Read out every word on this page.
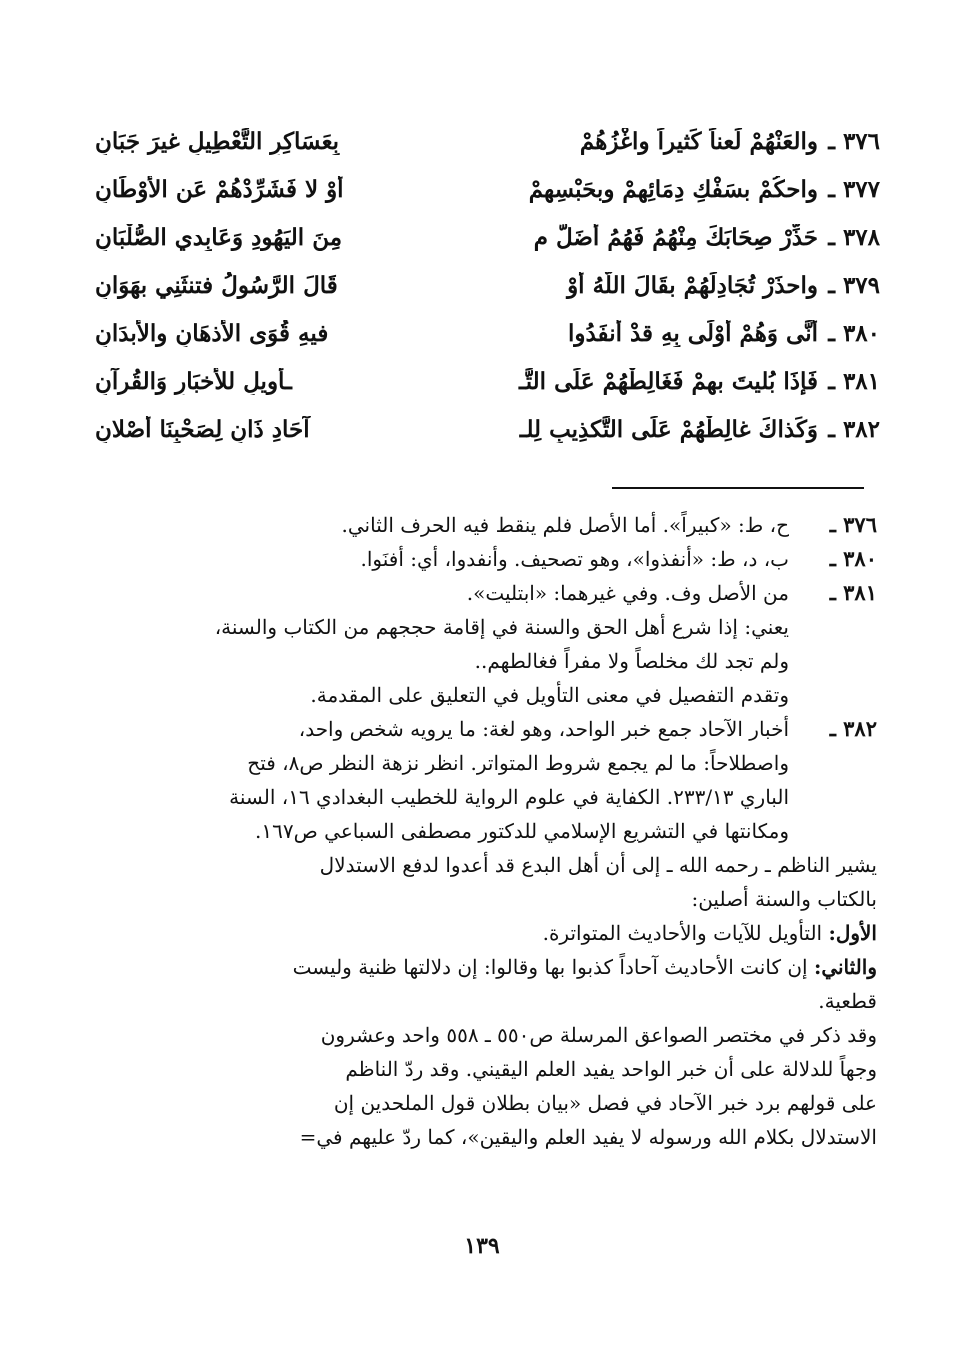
٣٧٦ ـ
والعَنْهُمْ لَعناً كَثيراً واغْزُهُمْ
بِعَسَاكِرِ التَّعْطِيلِ غيرَ جَبَانِ
٣٧٧ ـ
واحكُمْ بسَفْكِ دِمَائِهِمْ وبحَبْسِهِمْ
أوْ لا فَشَرِّدْهُمْ عَنِ الأوْطَانِ
٣٧٨ ـ
حَذِّرْ صِحَابَكَ مِنْهُمُ فَهُمُ أَضَلُّ م
مِنَ اليَهُودِ وَعَابِدي الصُّلْبَانِ
٣٧٩ ـ
واحذَرْ تُجَادِلَهُمْ بقَالَ اللَّهُ أوْ
قَالَ الرَّسُولُ فتنثَنِي بهَوَانِ
٣٨٠ ـ
أنَّى وَهُمْ أوْلَى بِهِ قدْ أنفَدُوا
فيهِ قُوَى الأذهَانِ والأبدَانِ
٣٨١ ـ
فَإذَا بُليتَ بهِمْ فَغَالِطْهُمْ عَلَى التَّـ
ـأويلِ للأخبَارِ وَالقُرآنِ
٣٨٢ ـ
وَكَذاكَ غالِطْهُمْ عَلَى التَّكذِيبِ لِلـ
آحَادِ ذَانِ لِصَحْبِنَا أَصْلانِ
٣٧٦ ـ
ح، ط: «كبيراً». أما الأصل فلم ينقط فيه الحرف الثاني.
٣٨٠ ـ
ب، د، ط: «أنفذوا»، وهو تصحيف. وأنفدوا، أي: أفنَوا.
٣٨١ ـ
من الأصل وف. وفي غيرهما: «ابتليت».
يعني: إذا شرع أهل الحق والسنة في إقامة حججهم من الكتاب والسنة،
ولم تجد لك مخلصاً ولا مفراً فغالطهم..
وتقدم التفصيل في معنى التأويل في التعليق على المقدمة.
٣٨٢ ـ
أخبار الآحاد جمع خبر الواحد، وهو لغة: ما يرويه شخص واحد،
واصطلاحاً: ما لم يجمع شروط المتواتر. انظر نزهة النظر ص٨، فتح
الباري ٢٣٣/١٣. الكفاية في علوم الرواية للخطيب البغدادي ١٦، السنة
ومكانتها في التشريع الإسلامي للدكتور مصطفى السباعي ص١٦٧.
يشير الناظم ـ رحمه الله ـ إلى أن أهل البدع قد أعدوا لدفع الاستدلال
بالكتاب والسنة أصلين:
الأول: التأويل للآيات والأحاديث المتواترة.
والثاني: إن كانت الأحاديث آحاداً كذبوا بها وقالوا: إن دلالتها ظنية وليست
قطعية.
وقد ذكر في مختصر الصواعق المرسلة ص٥٥٠ ـ ٥٥٨ واحد وعشرون
وجهاً للدلالة على أن خبر الواحد يفيد العلم اليقيني. وقد ردّ الناظم
على قولهم برد خبر الآحاد في فصل «بيان بطلان قول الملحدين إن
الاستدلال بكلام الله ورسوله لا يفيد العلم واليقين»، كما ردّ عليهم في=
١٣٩
